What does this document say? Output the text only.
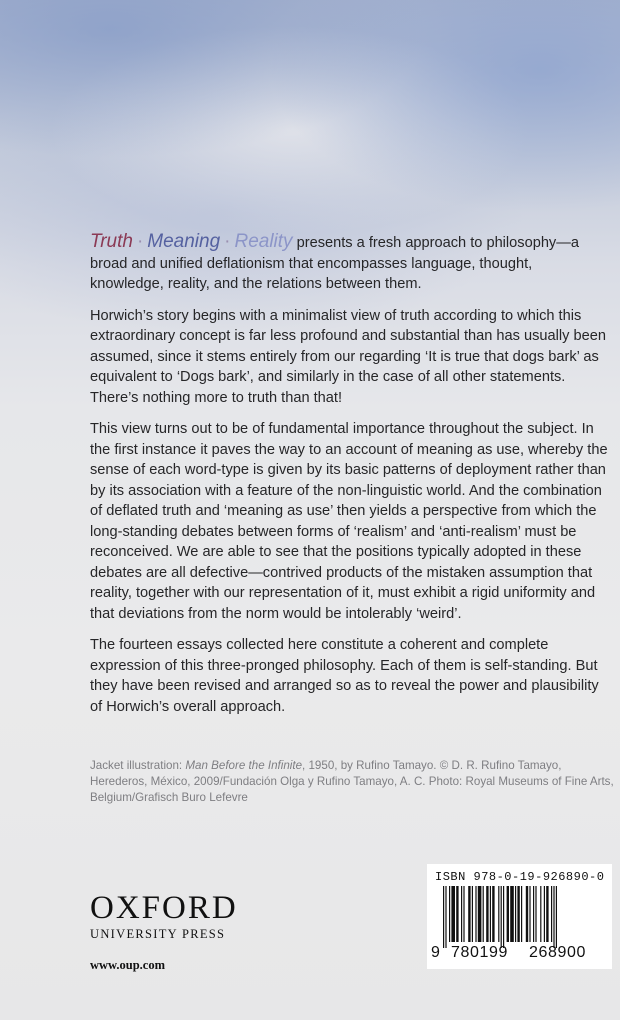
Truth · Meaning · Reality presents a fresh approach to philosophy—a broad and unified deflationism that encompasses language, thought, knowledge, reality, and the relations between them.

Horwich’s story begins with a minimalist view of truth according to which this extraordinary concept is far less profound and substantial than has usually been assumed, since it stems entirely from our regarding ‘It is true that dogs bark’ as equivalent to ‘Dogs bark’, and similarly in the case of all other statements. There’s nothing more to truth than that!

This view turns out to be of fundamental importance throughout the subject. In the first instance it paves the way to an account of meaning as use, whereby the sense of each word-type is given by its basic patterns of deployment rather than by its association with a feature of the non-linguistic world. And the combination of deflated truth and ‘meaning as use’ then yields a perspective from which the long-standing debates between forms of ‘realism’ and ‘anti-realism’ must be reconceived. We are able to see that the positions typically adopted in these debates are all defective—contrived products of the mistaken assumption that reality, together with our representation of it, must exhibit a rigid uniformity and that deviations from the norm would be intolerably ‘weird’.

The fourteen essays collected here constitute a coherent and complete expression of this three-pronged philosophy. Each of them is self-standing. But they have been revised and arranged so as to reveal the power and plausibility of Horwich’s overall approach.

Jacket illustration: Man Before the Infinite, 1950, by Rufino Tamayo. © D. R. Rufino Tamayo, Herederos, México, 2009/Fundación Olga y Rufino Tamayo, A. C. Photo: Royal Museums of Fine Arts, Belgium/Grafisch Buro Lefevre
OXFORD
UNIVERSITY PRESS
www.oup.com
ISBN 978-0-19-926890-0
9 780199 268900
